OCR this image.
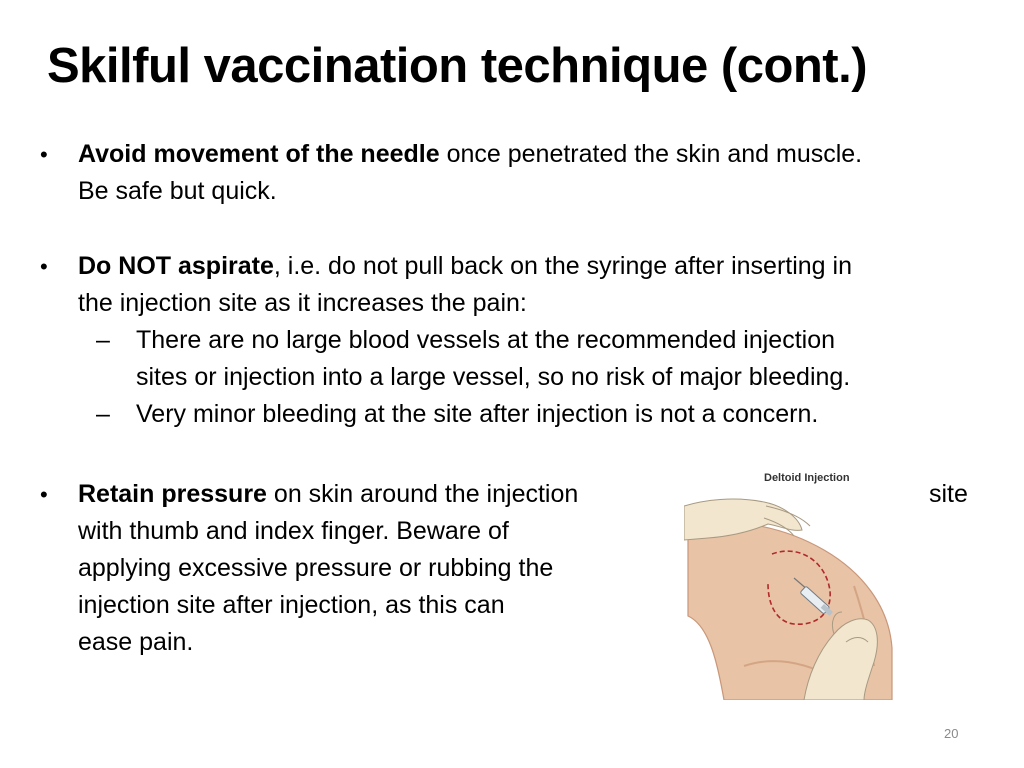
Skilful vaccination technique (cont.)
•	Avoid movement of the needle once penetrated the skin and muscle.
Be safe but quick.
•	Do NOT aspirate, i.e. do not pull back on the syringe after inserting in
the injection site as it increases the pain:
–	There are no large blood vessels at the recommended injection
sites or injection into a large vessel, so no risk of major bleeding.
–	Very minor bleeding at the site after injection is not a concern.
•	Retain pressure on skin around the injection
with thumb and index finger. Beware of
applying excessive pressure or rubbing the
injection site after injection, as this can
ease pain.
site
Deltoid Injection
20
